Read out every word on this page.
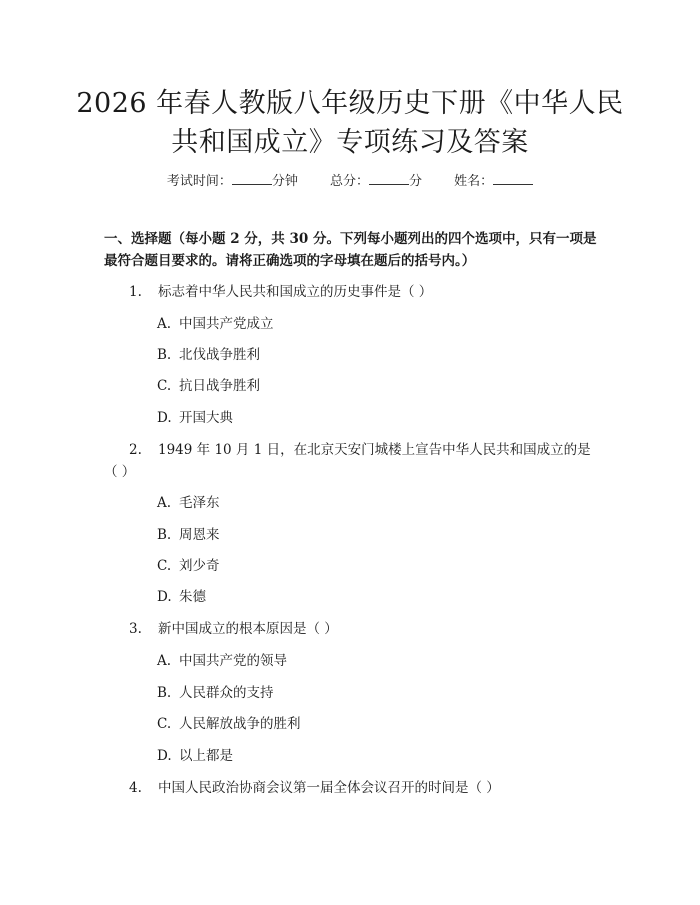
2026 年春人教版八年级历史下册《中华人民
共和国成立》专项练习及答案
考试时间：	分钟 总分：	分 姓名：
一、选择题（每小题 2 分，共 30 分。下列每小题列出的四个选项中，只有一项是最符合题目要求的。请将正确选项的字母填在题后的括号内。）
1.	标志着中华人民共和国成立的历史事件是（ ）
A. 中国共产党成立
B. 北伐战争胜利
C. 抗日战争胜利
D. 开国大典
2.	1949 年 10 月 1 日，在北京天安门城楼上宣告中华人民共和国成立的是（ ）
A. 毛泽东
B. 周恩来
C. 刘少奇
D. 朱德
3.	新中国成立的根本原因是（ ）
A. 中国共产党的领导
B. 人民群众的支持
C. 人民解放战争的胜利
D. 以上都是
4.	中国人民政治协商会议第一届全体会议召开的时间是（ ）
